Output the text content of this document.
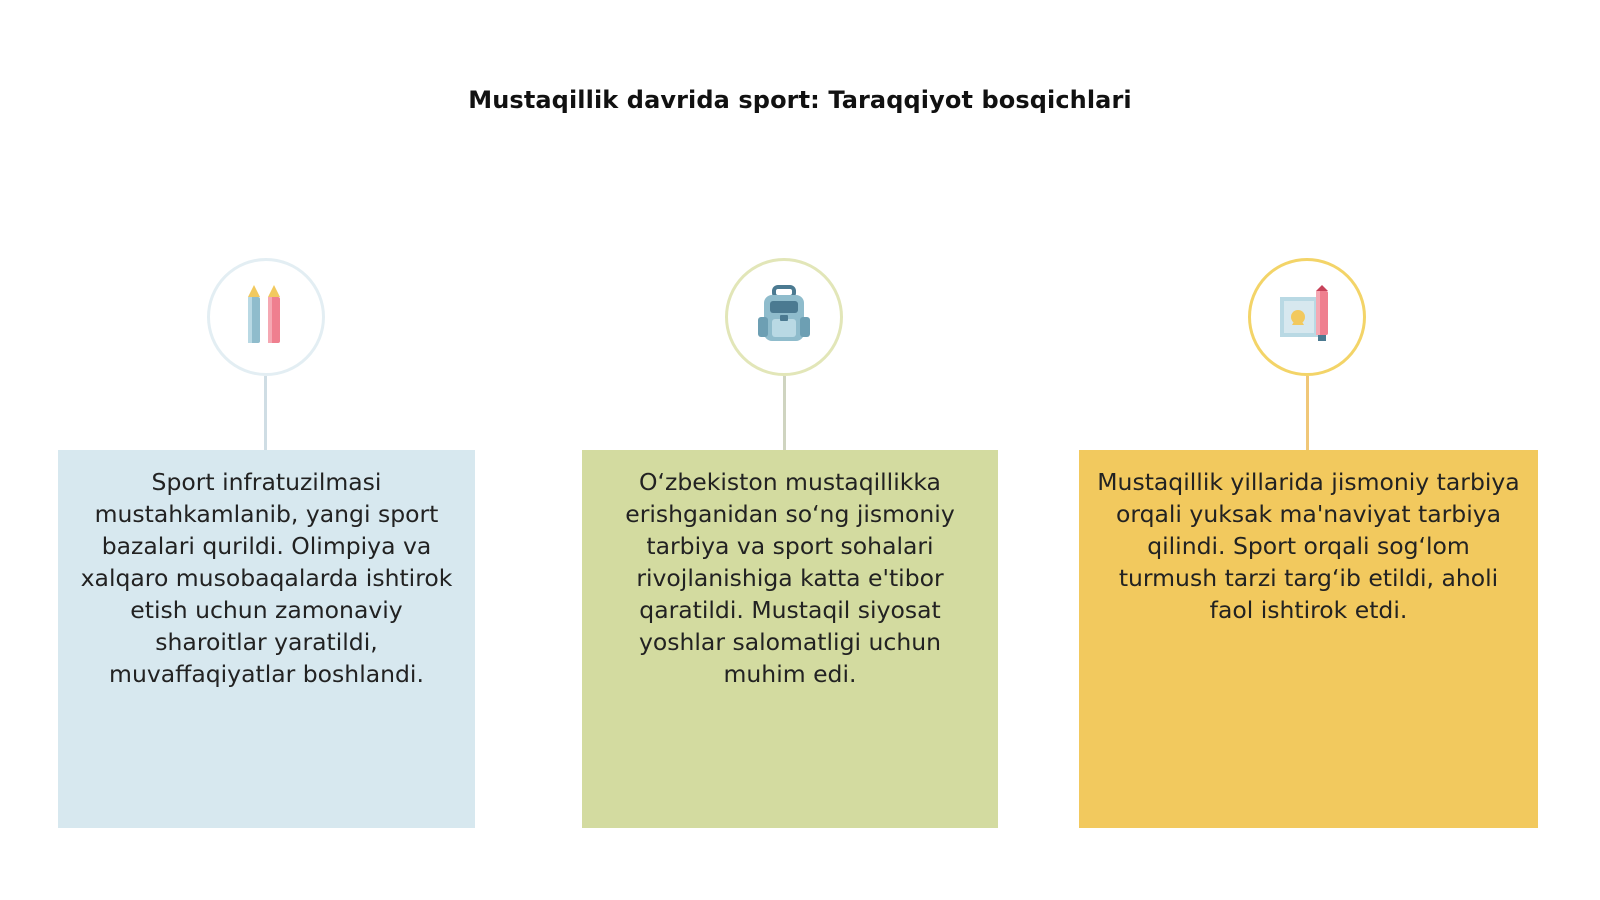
Mustaqillik davrida sport: Taraqqiyot bosqichlari
Sport infratuzilmasi mustahkamlanib, yangi sport bazalari qurildi. Olimpiya va xalqaro musobaqalarda ishtirok etish uchun zamonaviy sharoitlar yaratildi, muvaffaqiyatlar boshlandi.
O‘zbekiston mustaqillikka erishganidan so‘ng jismoniy tarbiya va sport sohalari rivojlanishiga katta e'tibor qaratildi. Mustaqil siyosat yoshlar salomatligi uchun muhim edi.
Mustaqillik yillarida jismoniy tarbiya orqali yuksak ma'naviyat tarbiya qilindi. Sport orqali sog‘lom turmush tarzi targ‘ib etildi, aholi faol ishtirok etdi.
